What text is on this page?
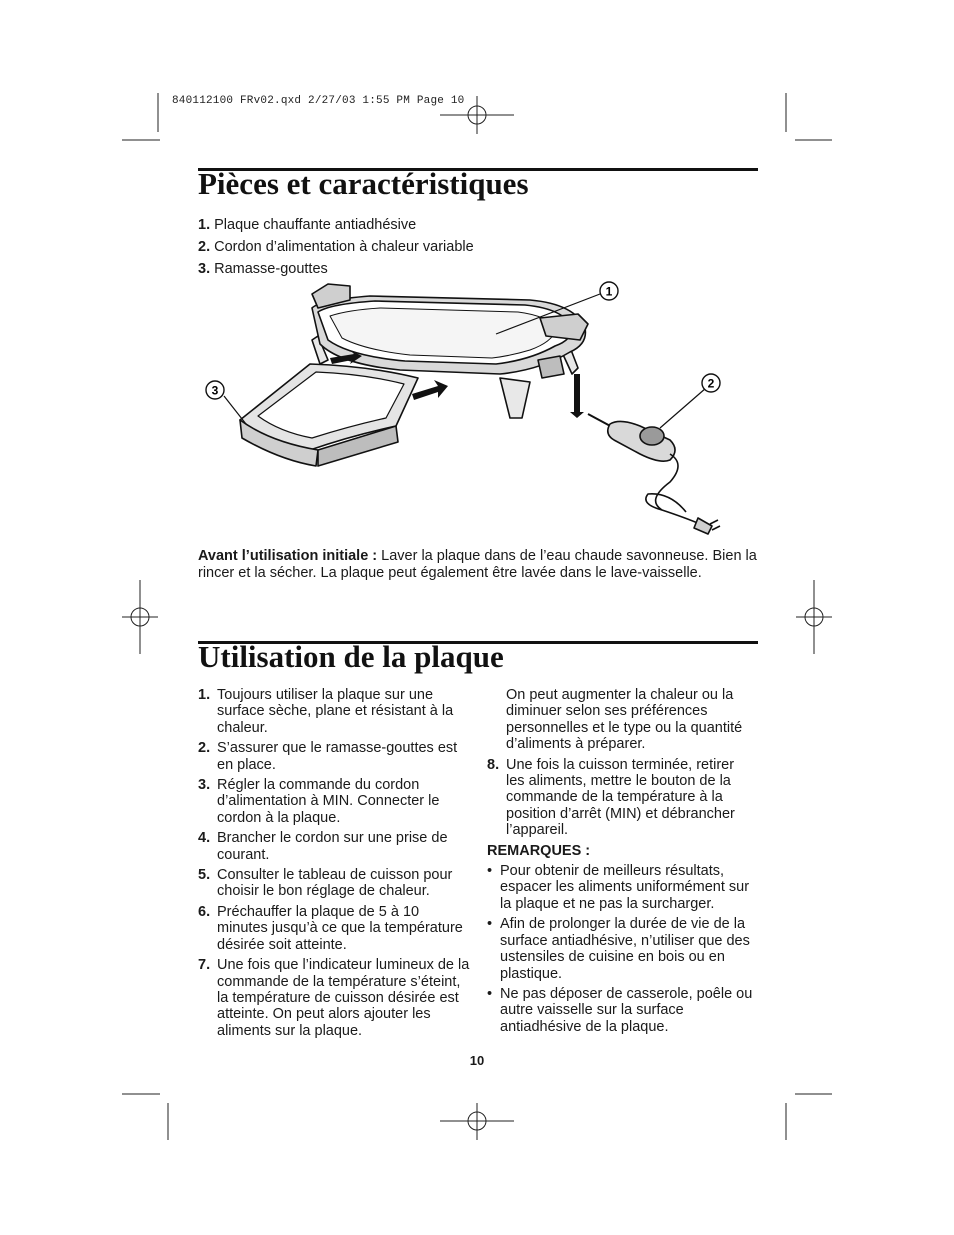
840112100 FRv02.qxd 2/27/03 1:55 PM Page 10
Pièces et caractéristiques
1. Plaque chauffante antiadhésive
2. Cordon d’alimentation à chaleur variable
3. Ramasse-gouttes
1
2
3
Avant l’utilisation initiale : Laver la plaque dans de l’eau chaude savonneuse. Bien la rincer et la sécher. La plaque peut également être lavée dans le lave-vaisselle.
Utilisation de la plaque
1. Toujours utiliser la plaque sur une surface sèche, plane et résistant à la chaleur.
2. S’assurer que le ramasse-gouttes est en place.
3. Régler la commande du cordon d’alimentation à MIN. Connecter le cordon à la plaque.
4. Brancher le cordon sur une prise de courant.
5. Consulter le tableau de cuisson pour choisir le bon réglage de chaleur.
6. Préchauffer la plaque de 5 à 10 minutes jusqu’à ce que la température désirée soit atteinte.
7. Une fois que l’indicateur lumineux de la commande de la température s’éteint, la température de cuisson désirée est atteinte. On peut alors ajouter les aliments sur la plaque.
On peut augmenter la chaleur ou la diminuer selon ses préférences personnelles et le type ou la quantité d’aliments à préparer.
8. Une fois la cuisson terminée, retirer les aliments, mettre le bouton de la commande de la température à la position d’arrêt (MIN) et débrancher l’appareil.
REMARQUES :
• Pour obtenir de meilleurs résultats, espacer les aliments uniformément sur la plaque et ne pas la surcharger.
• Afin de prolonger la durée de vie de la surface antiadhésive, n’utiliser que des ustensiles de cuisine en bois ou en plastique.
• Ne pas déposer de casserole, poêle ou autre vaisselle sur la surface antiadhésive de la plaque.
10
